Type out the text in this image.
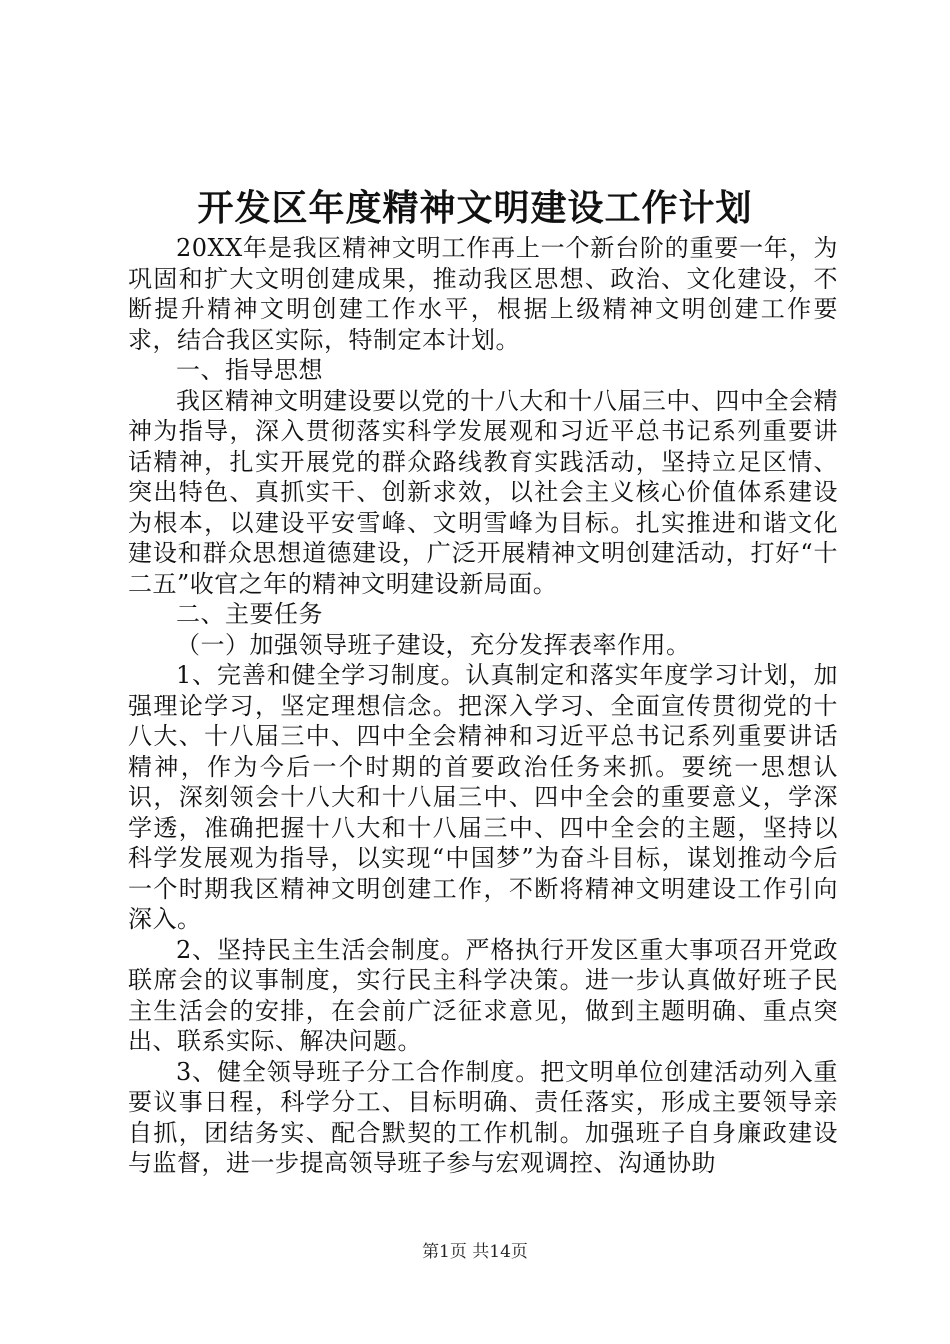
开发区年度精神文明建设工作计划

20XX年是我区精神文明工作再上一个新台阶的重要一年，为巩固和扩大文明创建成果，推动我区思想、政治、文化建设，不断提升精神文明创建工作水平，根据上级精神文明创建工作要求，结合我区实际，特制定本计划。

一、指导思想

我区精神文明建设要以党的十八大和十八届三中、四中全会精神为指导，深入贯彻落实科学发展观和习近平总书记系列重要讲话精神，扎实开展党的群众路线教育实践活动，坚持立足区情、突出特色、真抓实干、创新求效，以社会主义核心价值体系建设为根本，以建设平安雪峰、文明雪峰为目标。扎实推进和谐文化建设和群众思想道德建设，广泛开展精神文明创建活动，打好“十二五”收官之年的精神文明建设新局面。

二、主要任务

（一）加强领导班子建设，充分发挥表率作用。

1、完善和健全学习制度。认真制定和落实年度学习计划，加强理论学习，坚定理想信念。把深入学习、全面宣传贯彻党的十八大、十八届三中、四中全会精神和习近平总书记系列重要讲话精神，作为今后一个时期的首要政治任务来抓。要统一思想认识，深刻领会十八大和十八届三中、四中全会的重要意义，学深学透，准确把握十八大和十八届三中、四中全会的主题，坚持以科学发展观为指导，以实现“中国梦”为奋斗目标，谋划推动今后一个时期我区精神文明创建工作，不断将精神文明建设工作引向深入。

2、坚持民主生活会制度。严格执行开发区重大事项召开党政联席会的议事制度，实行民主科学决策。进一步认真做好班子民主生活会的安排，在会前广泛征求意见，做到主题明确、重点突出、联系实际、解决问题。

3、健全领导班子分工合作制度。把文明单位创建活动列入重要议事日程，科学分工、目标明确、责任落实，形成主要领导亲自抓，团结务实、配合默契的工作机制。加强班子自身廉政建设与监督，进一步提高领导班子参与宏观调控、沟通协助

第1页 共14页
